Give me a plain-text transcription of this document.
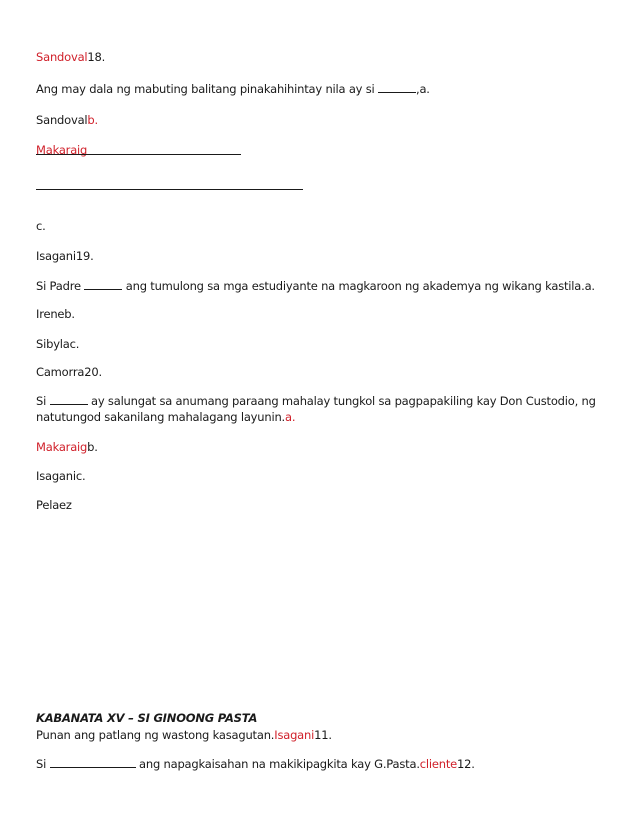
Sandoval18.
Ang may dala ng mabuting balitang pinakahihintay nila ay si	,a.
Sandovalb.
Makaraig
c.
Isagani19.
Si Padre	ang tumulong sa mga estudiyante na magkaroon ng akademya ng wikang kastila.a.
Ireneb.
Sibylac.
Camorra20.
Si	ay salungat sa anumang paraang mahalay tungkol sa pagpapakiling kay Don Custodio, ng
natutungod sakanilang mahalagang layunin.a.
Makaraigb.
Isaganic.
Pelaez
KABANATA XV – SI GINOONG PASTA
Punan ang patlang ng wastong kasagutan.Isagani11.
Si	ang napagkaisahan na makikipagkita kay G.Pasta.cliente12.
